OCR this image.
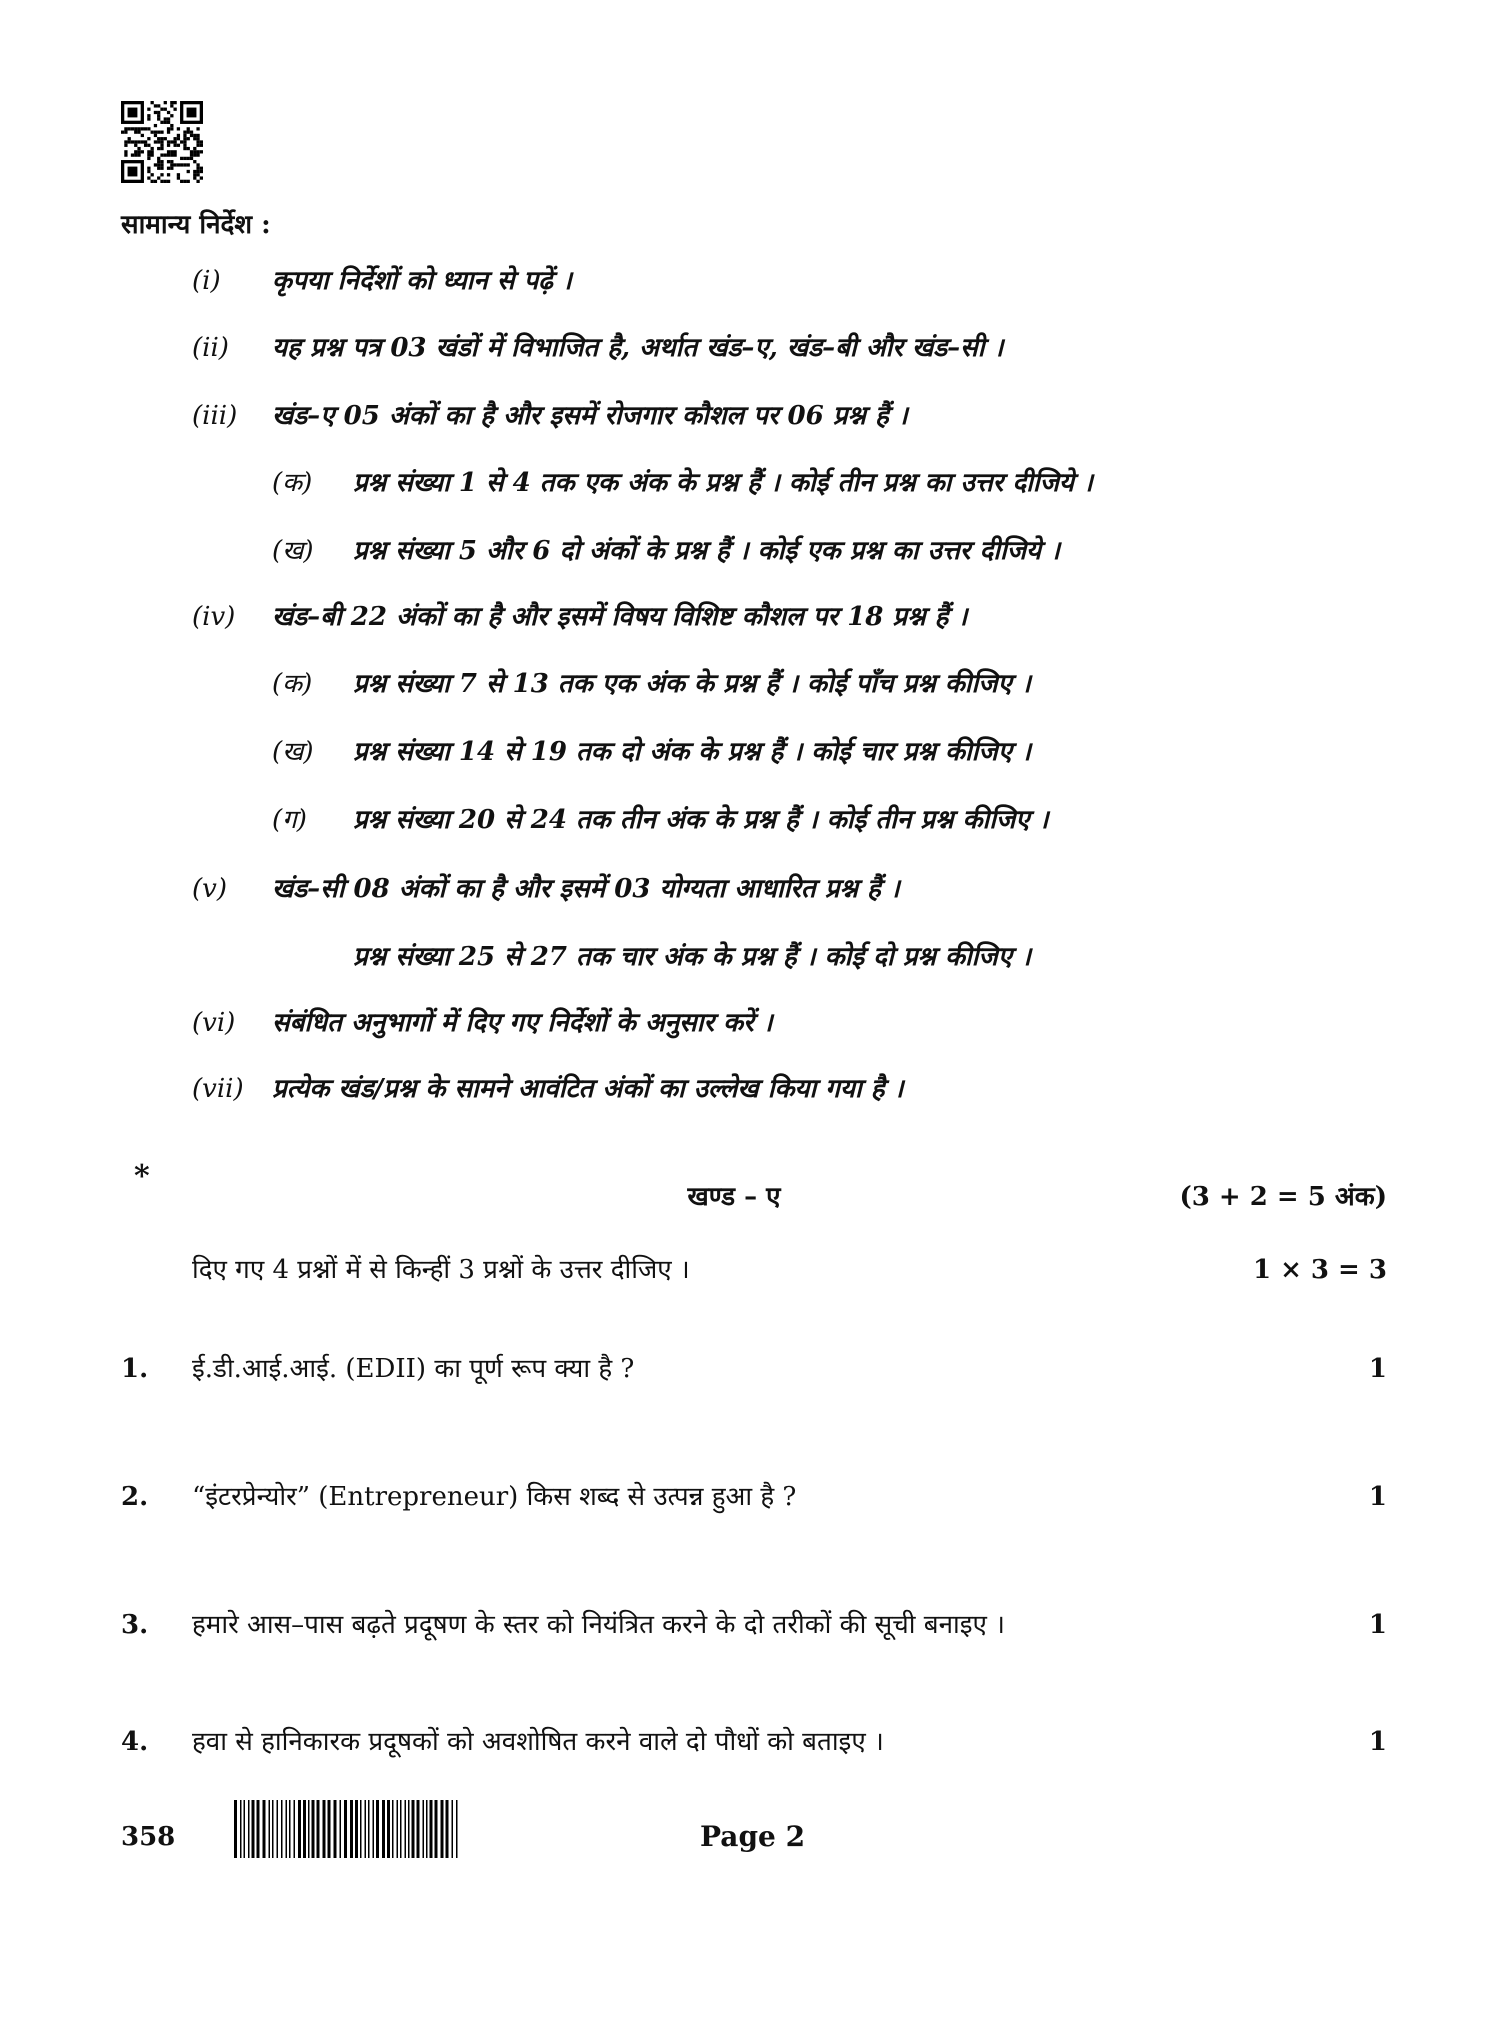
सामान्य निर्देश :
(i) कृपया निर्देशों को ध्यान से पढ़ें ।
(ii) यह प्रश्न पत्र 03 खंडों में विभाजित है, अर्थात खंड–ए, खंड–बी और खंड–सी ।
(iii) खंड–ए 05 अंकों का है और इसमें रोजगार कौशल पर 06 प्रश्न हैं ।
(क) प्रश्न संख्या 1 से 4 तक एक अंक के प्रश्न हैं । कोई तीन प्रश्न का उत्तर दीजिये ।
(ख) प्रश्न संख्या 5 और 6 दो अंकों के प्रश्न हैं । कोई एक प्रश्न का उत्तर दीजिये ।
(iv) खंड–बी 22 अंकों का है और इसमें विषय विशिष्ट कौशल पर 18 प्रश्न हैं ।
(क) प्रश्न संख्या 7 से 13 तक एक अंक के प्रश्न हैं । कोई पाँच प्रश्न कीजिए ।
(ख) प्रश्न संख्या 14 से 19 तक दो अंक के प्रश्न हैं । कोई चार प्रश्न कीजिए ।
(ग) प्रश्न संख्या 20 से 24 तक तीन अंक के प्रश्न हैं । कोई तीन प्रश्न कीजिए ।
(v) खंड–सी 08 अंकों का है और इसमें 03 योग्यता आधारित प्रश्न हैं ।
प्रश्न संख्या 25 से 27 तक चार अंक के प्रश्न हैं । कोई दो प्रश्न कीजिए ।
(vi) संबंधित अनुभागों में दिए गए निर्देशों के अनुसार करें ।
(vii) प्रत्येक खंड/प्रश्न के सामने आवंटित अंकों का उल्लेख किया गया है ।
*
खण्ड – ए	(3 + 2 = 5 अंक)
दिए गए 4 प्रश्नों में से किन्हीं 3 प्रश्नों के उत्तर दीजिए ।	1 × 3 = 3
1. ई.डी.आई.आई. (EDII) का पूर्ण रूप क्या है ?	1
2. “इंटरप्रेन्योर” (Entrepreneur) किस शब्द से उत्पन्न हुआ है ?	1
3. हमारे आस–पास बढ़ते प्रदूषण के स्तर को नियंत्रित करने के दो तरीकों की सूची बनाइए ।	1
4. हवा से हानिकारक प्रदूषकों को अवशोषित करने वाले दो पौधों को बताइए ।	1
358	Page 2
